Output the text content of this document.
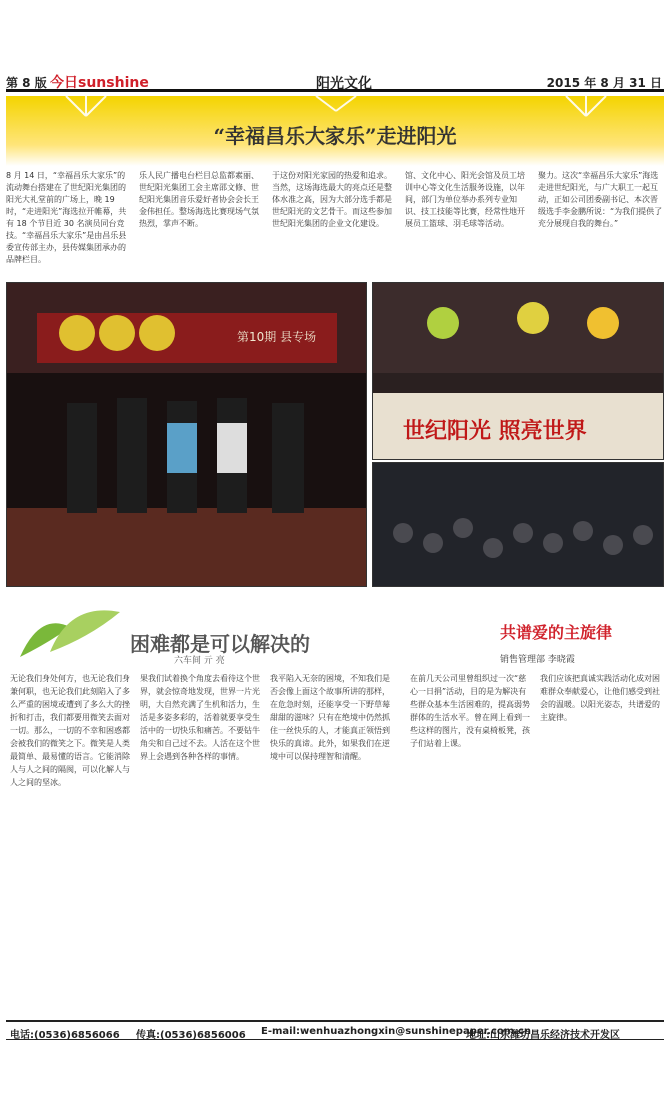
第 8 版 今日sunshine	阳光文化	2015 年 8 月 31 日
“幸福昌乐大家乐”走进阳光
8 月 14 日，“幸福昌乐大家乐”的流动舞台搭建在了世纪阳光集团的阳光大礼堂前的广场上，晚 19 时，“走进阳光”海选拉开帷幕，共有 18 个节目近 30 名演员同台竞技。“幸福昌乐大家乐”是由昌乐县委宣传部主办，县传媒集团承办的品牌栏目。
乐人民广播电台栏目总监都素丽、世纪阳光集团工会主席邵文修、世纪阳光集团音乐爱好者协会会长王金伟担任。整场海选比赛现场气氛热烈，掌声不断。
于这份对阳光家园的热爱和追求。当然，这场海选最大的亮点还是整体水准之高，因为大部分选手都是世纪阳光的文艺骨干。而这些参加世纪阳光集团的企业文化建设。
馆、文化中心、阳光会馆及员工培训中心等文化生活服务设施，以年间，部门为单位举办系列专业知识、技工技能等比赛，经常性地开展员工篮球、羽毛球等活动。
聚力。这次“幸福昌乐大家乐”海选走进世纪阳光，与广大职工一起互动，正如公司团委副书记、本次晋级选手李金鹏所说：“为我们提供了充分展现自我的舞台。”
第10期 县专场
世纪阳光 照亮世界
困难都是可以解决的
六车间 亓 亮
共谱爱的主旋律
销售管理部 李晓霞
无论我们身处何方，也无论我们身兼何职，也无论我们此刻陷入了多么严重的困境或遭到了多么大的挫折和打击，我们都要用微笑去面对一切。那么，一切的不幸和困惑都会被我们的微笑之下。微笑是人类最简单、最易懂的语言。它能消除人与人之间的隔阂，可以化解人与人之间的坚冰。
果我们试着换个角度去看待这个世界，就会惊奇地发现，世界一片光明，大自然充满了生机和活力，生活是多姿多彩的，活着就要享受生活中的一切快乐和痛苦。不要钻牛角尖和自己过不去。人活在这个世界上会遇到各种各样的事情。
我平陷入无奈的困境，不知我们是否会像上面这个故事所讲的那样，在危急时刻，还能享受一下野草莓甜甜的滋味？只有在绝境中仍然抓住一丝快乐的人，才能真正领悟到快乐的真谛。此外，如果我们在逆境中可以保持理智和清醒。
在前几天公司里曾组织过一次“慈心一日捐”活动，目的是为解决有些群众基本生活困难的，提高弱势群体的生活水平。曾在网上看到一些这样的图片，没有桌椅板凳，孩子们站着上课。
我们应该把真诚实践活动化成对困难群众奉献爱心，让他们感受到社会的温暖。以阳光姿态，共谱爱的主旋律。
电话:(0536)6856066 传真:(0536)6856006 E-mail:wenhuazhongxin@sunshinepaper.com.cn
地址:山东潍坊昌乐经济技术开发区
